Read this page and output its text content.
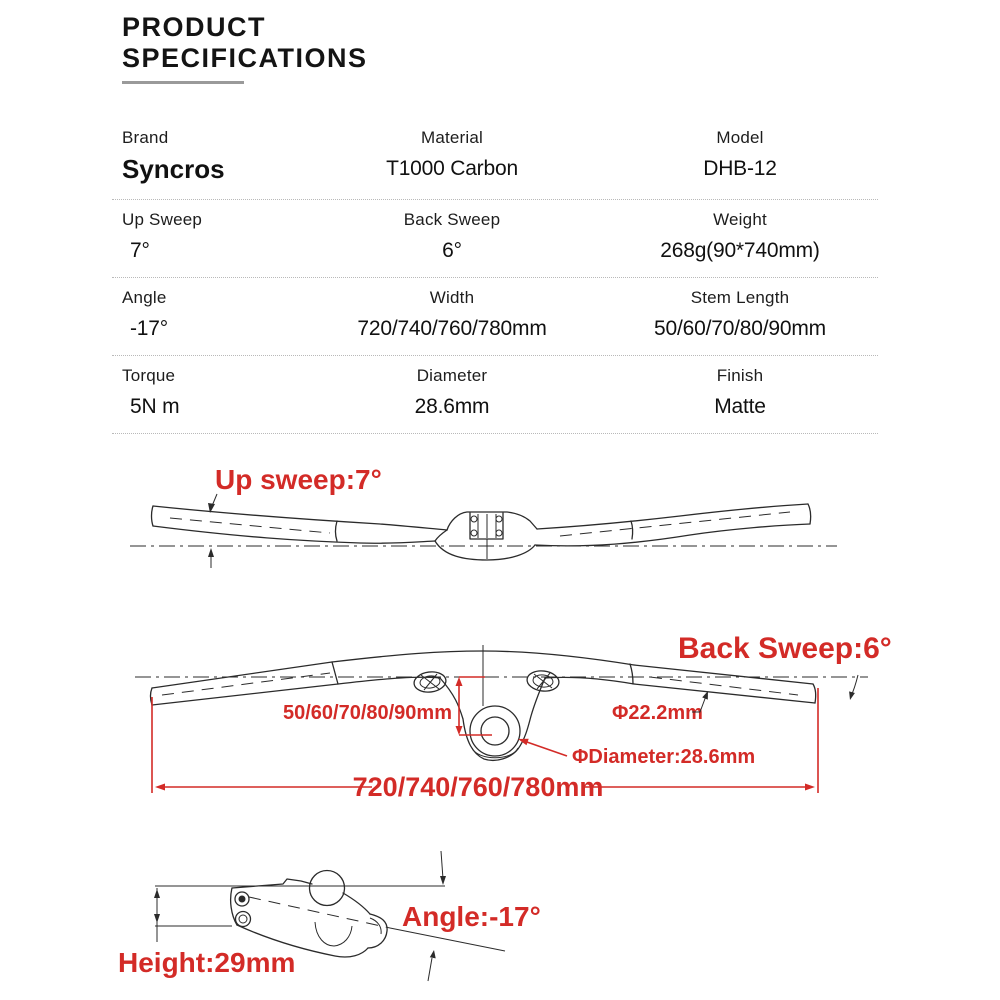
PRODUCT
SPECIFICATIONS
Brand
Syncros
Material
T1000 Carbon
Model
DHB-12
Up Sweep
7°
Back Sweep
6°
Weight
268g(90*740mm)
Angle
-17°
Width
720/740/760/780mm
Stem Length
50/60/70/80/90mm
Torque
5N m
Diameter
28.6mm
Finish
Matte
Up sweep:7°
Back Sweep:6°
50/60/70/80/90mm
ΦDiameter:28.6mm
Φ22.2mm
720/740/760/780mm
Angle:-17°
Height:29mm
